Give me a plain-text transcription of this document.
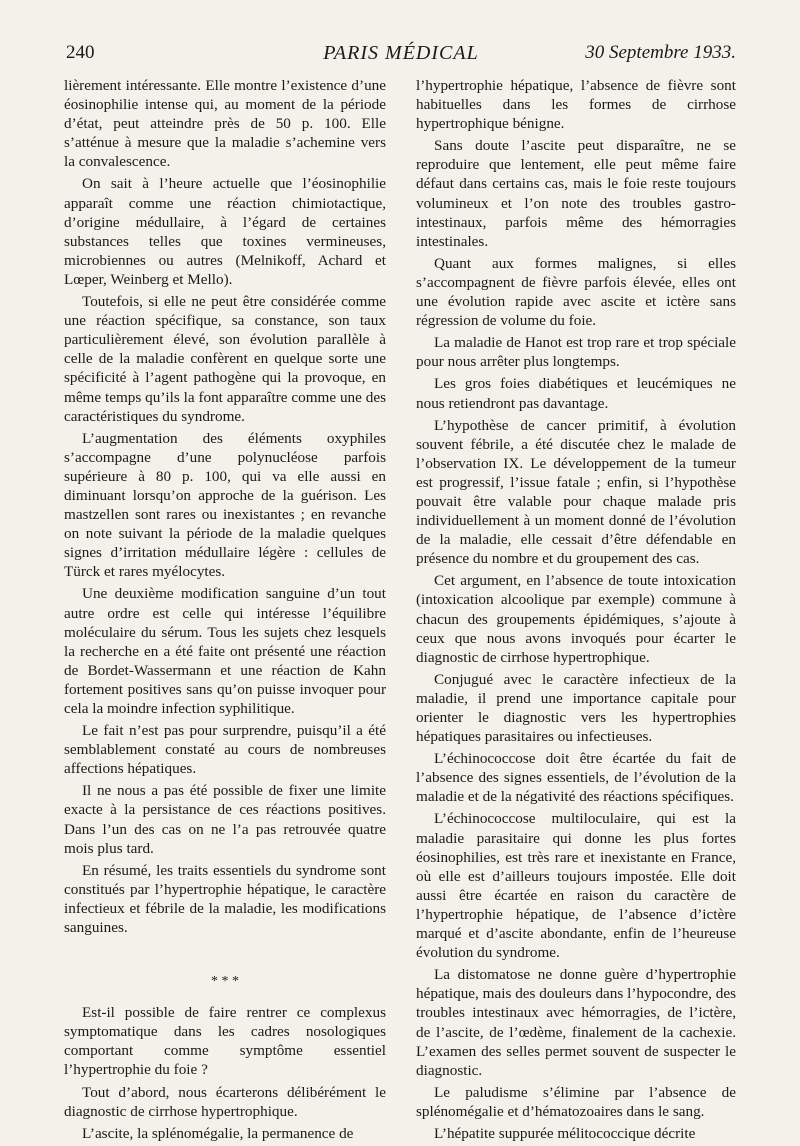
240	PARIS MÉDICAL	30 Septembre 1933.

lièrement intéressante. Elle montre l’existence d’une éosinophilie intense qui, au moment de la période d’état, peut atteindre près de 50 p. 100. Elle s’atténue à mesure que la maladie s’achemine vers la convalescence.

On sait à l’heure actuelle que l’éosinophilie apparaît comme une réaction chimiotactique, d’origine médullaire, à l’égard de certaines substances telles que toxines vermineuses, microbiennes ou autres (Melnikoff, Achard et Lœper, Weinberg et Mello).

Toutefois, si elle ne peut être considérée comme une réaction spécifique, sa constance, son taux particulièrement élevé, son évolution parallèle à celle de la maladie confèrent en quelque sorte une spécificité à l’agent pathogène qui la provoque, en même temps qu’ils la font apparaître comme une des caractéristiques du syndrome.

L’augmentation des éléments oxyphiles s’accompagne d’une polynucléose parfois supérieure à 80 p. 100, qui va elle aussi en diminuant lorsqu’on approche de la guérison. Les mastzellen sont rares ou inexistantes ; en revanche on note suivant la période de la maladie quelques signes d’irritation médullaire légère : cellules de Türck et rares myélocytes.

Une deuxième modification sanguine d’un tout autre ordre est celle qui intéresse l’équilibre moléculaire du sérum. Tous les sujets chez lesquels la recherche en a été faite ont présenté une réaction de Bordet-Wassermann et une réaction de Kahn fortement positives sans qu’on puisse invoquer pour cela la moindre infection syphilitique.

Le fait n’est pas pour surprendre, puisqu’il a été semblablement constaté au cours de nombreuses affections hépatiques.

Il ne nous a pas été possible de fixer une limite exacte à la persistance de ces réactions positives. Dans l’un des cas on ne l’a pas retrouvée quatre mois plus tard.

En résumé, les traits essentiels du syndrome sont constitués par l’hypertrophie hépatique, le caractère infectieux et fébrile de la maladie, les modifications sanguines.

* * *

Est-il possible de faire rentrer ce complexus symptomatique dans les cadres nosologiques comportant comme symptôme essentiel l’hypertrophie du foie ?

Tout d’abord, nous écarterons délibérément le diagnostic de cirrhose hypertrophique.

L’ascite, la splénomégalie, la permanence de

l’hypertrophie hépatique, l’absence de fièvre sont habituelles dans les formes de cirrhose hypertrophique bénigne.

Sans doute l’ascite peut disparaître, ne se reproduire que lentement, elle peut même faire défaut dans certains cas, mais le foie reste toujours volumineux et l’on note des troubles gastro-intestinaux, parfois même des hémorragies intestinales.

Quant aux formes malignes, si elles s’accompagnent de fièvre parfois élevée, elles ont une évolution rapide avec ascite et ictère sans régression de volume du foie.

La maladie de Hanot est trop rare et trop spéciale pour nous arrêter plus longtemps.

Les gros foies diabétiques et leucémiques ne nous retiendront pas davantage.

L’hypothèse de cancer primitif, à évolution souvent fébrile, a été discutée chez le malade de l’observation IX. Le développement de la tumeur est progressif, l’issue fatale ; enfin, si l’hypothèse pouvait être valable pour chaque malade pris individuellement à un moment donné de l’évolution de la maladie, elle cessait d’être défendable en présence du nombre et du groupement des cas.

Cet argument, en l’absence de toute intoxication (intoxication alcoolique par exemple) commune à chacun des groupements épidémiques, s’ajoute à ceux que nous avons invoqués pour écarter le diagnostic de cirrhose hypertrophique.

Conjugué avec le caractère infectieux de la maladie, il prend une importance capitale pour orienter le diagnostic vers les hypertrophies hépatiques parasitaires ou infectieuses.

L’échinococcose doit être écartée du fait de l’absence des signes essentiels, de l’évolution de la maladie et de la négativité des réactions spécifiques.

L’échinococcose multiloculaire, qui est la maladie parasitaire qui donne les plus fortes éosinophilies, est très rare et inexistante en France, où elle est d’ailleurs toujours impostée. Elle doit aussi être écartée en raison du caractère de l’hypertrophie hépatique, de l’absence d’ictère marqué et d’ascite abondante, enfin de l’heureuse évolution du syndrome.

La distomatose ne donne guère d’hypertrophie hépatique, mais des douleurs dans l’hypocondre, des troubles intestinaux avec hémorragies, de l’ictère, de l’ascite, de l’œdème, finalement de la cachexie. L’examen des selles permet souvent de suspecter le diagnostic.

Le paludisme s’élimine par l’absence de splénomégalie et d’hématozoaires dans le sang.

L’hépatite suppurée mélitococcique décrite
